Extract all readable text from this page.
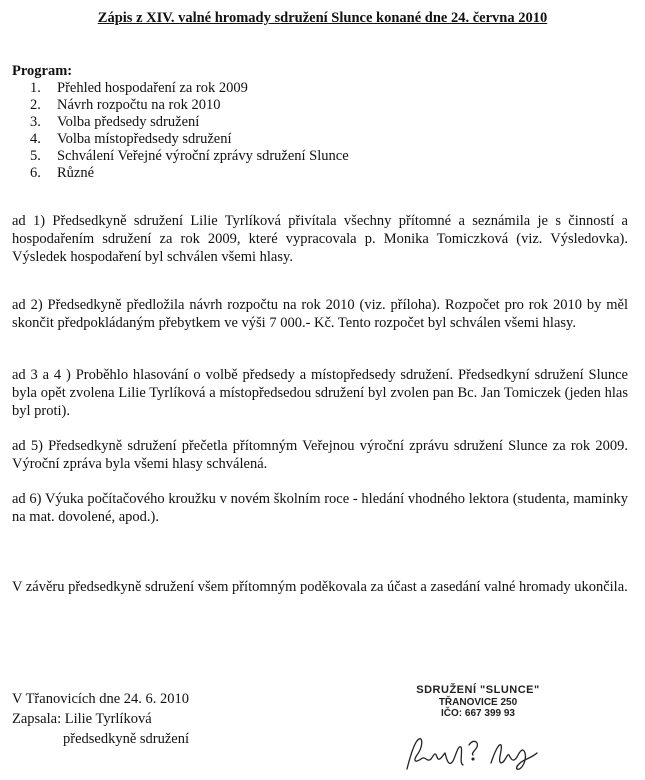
Zápis z XIV. valné hromady sdružení Slunce konané dne 24. června 2010
Program:
1. Přehled hospodaření za rok 2009
2. Návrh rozpočtu na rok 2010
3. Volba předsedy sdružení
4. Volba místopředsedy sdružení
5. Schválení Veřejné výroční zprávy sdružení Slunce
6. Různé
ad 1) Předsedkyně sdružení Lilie Tyrlíková přivítala všechny přítomné a seznámila je s činností a hospodařením sdružení za rok 2009, které vypracovala p. Monika Tomiczková (viz. Výsledovka). Výsledek hospodaření byl schválen všemi hlasy.
ad 2) Předsedkyně předložila návrh rozpočtu na rok 2010 (viz. příloha). Rozpočet pro rok 2010 by měl skončit předpokládaným přebytkem ve výši 7 000.- Kč. Tento rozpočet byl schválen všemi hlasy.
ad 3 a 4 ) Proběhlo hlasování o volbě předsedy a místopředsedy sdružení. Předsedkyní sdružení Slunce byla opět zvolena Lilie Tyrlíková a místopředsedou sdružení byl zvolen pan Bc. Jan Tomiczek (jeden hlas byl proti).
ad 5) Předsedkyně sdružení přečetla přítomným Veřejnou výroční zprávu sdružení Slunce za rok 2009. Výroční zpráva byla všemi hlasy schválená.
ad 6) Výuka počítačového kroužku v novém školním roce - hledání vhodného lektora (studenta, maminky na mat. dovolené, apod.).
V závěru předsedkyně sdružení všem přítomným poděkovala za účast a zasedání valné hromady ukončila.
V Třanovicích dne 24. 6. 2010
Zapsala: Lilie Tyrlíková
předsedkyně sdružení
SDRUŽENÍ "SLUNCE"
TŘANOVICE 250
IČO: 667 399 93
